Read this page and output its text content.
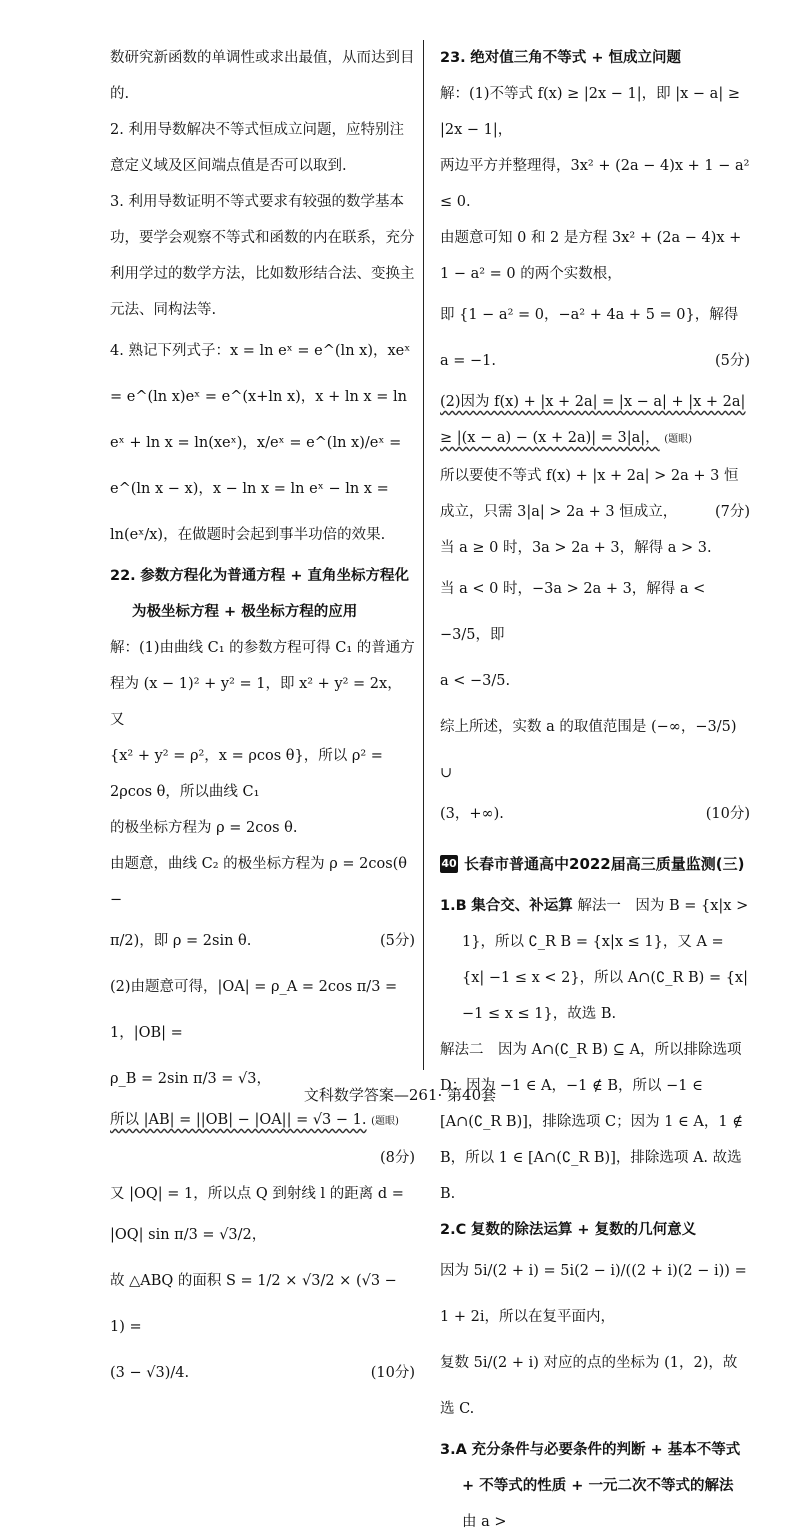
数研究新函数的单调性或求出最值，从而达到目的.

2. 利用导数解决不等式恒成立问题，应特别注意定义域及区间端点值是否可以取到.

3. 利用导数证明不等式要求有较强的数学基本功，要学会观察不等式和函数的内在联系，充分利用学过的数学方法，比如数形结合法、变换主元法、同构法等.

4. 熟记下列式子：x = ln eˣ = e^(ln x)，xeˣ = e^(ln x)eˣ = e^(x+ln x)，x + ln x = ln eˣ + ln x = ln(xeˣ)，x/eˣ = e^(ln x)/eˣ = e^(ln x − x)，x − ln x = ln eˣ − ln x = ln(eˣ/x)，在做题时会起到事半功倍的效果.

22. 参数方程化为普通方程 + 直角坐标方程化为极坐标方程 + 极坐标方程的应用

解：(1)由曲线 C₁ 的参数方程可得 C₁ 的普通方程为 (x − 1)² + y² = 1，即 x² + y² = 2x，又

{x² + y² = ρ²，x = ρcos θ}，所以 ρ² = 2ρcos θ，所以曲线 C₁

的极坐标方程为 ρ = 2cos θ.

由题意，曲线 C₂ 的极坐标方程为 ρ = 2cos(θ −

π/2)，即 ρ = 2sin θ.	(5分)

(2)由题意可得，|OA| = ρ_A = 2cos π/3 = 1，|OB| =

ρ_B = 2sin π/3 = √3，

所以 |AB| = ||OB| − |OA|| = √3 − 1. (题眼)

(8分)

又 |OQ| = 1，所以点 Q 到射线 l 的距离 d =

|OQ| sin π/3 = √3/2，

故 △ABQ 的面积 S = 1/2 × √3/2 × (√3 − 1) =

(3 − √3)/4.	(10分)

23. 绝对值三角不等式 + 恒成立问题

解：(1)不等式 f(x) ≥ |2x − 1|，即 |x − a| ≥ |2x − 1|，

两边平方并整理得，3x² + (2a − 4)x + 1 − a² ≤ 0.

由题意可知 0 和 2 是方程 3x² + (2a − 4)x + 1 − a² = 0 的两个实数根，

即 {1 − a² = 0，−a² + 4a + 5 = 0}，解得 a = −1.	(5分)

(2)因为 f(x) + |x + 2a| = |x − a| + |x + 2a| ≥ |(x − a) − (x + 2a)| = 3|a|， (题眼)

所以要使不等式 f(x) + |x + 2a| > 2a + 3 恒成立，只需 3|a| > 2a + 3 恒成立，	(7分)

当 a ≥ 0 时，3a > 2a + 3，解得 a > 3.

当 a < 0 时，−3a > 2a + 3，解得 a < −3/5，即

a < −3/5.

综上所述，实数 a 的取值范围是 (−∞，−3/5) ∪

(3，+∞).	(10分)

40 长春市普通高中2022届高三质量监测(三)

1.B 集合交、补运算 解法一　因为 B = {x|x > 1}，所以 ∁_R B = {x|x ≤ 1}，又 A = {x| −1 ≤ x < 2}，所以 A∩(∁_R B) = {x| −1 ≤ x ≤ 1}，故选 B.

解法二　因为 A∩(∁_R B) ⊆ A，所以排除选项 D；因为 −1 ∈ A，−1 ∉ B，所以 −1 ∈ [A∩(∁_R B)]，排除选项 C；因为 1 ∈ A，1 ∉ B，所以 1 ∈ [A∩(∁_R B)]，排除选项 A. 故选 B.

2.C 复数的除法运算 + 复数的几何意义

因为 5i/(2 + i) = 5i(2 − i)/((2 + i)(2 − i)) = 1 + 2i，所以在复平面内，

复数 5i/(2 + i) 对应的点的坐标为 (1，2)，故选 C.

3.A 充分条件与必要条件的判断 + 基本不等式 + 不等式的性质 + 一元二次不等式的解法 由 a >

文科数学答案—261· 第40套
